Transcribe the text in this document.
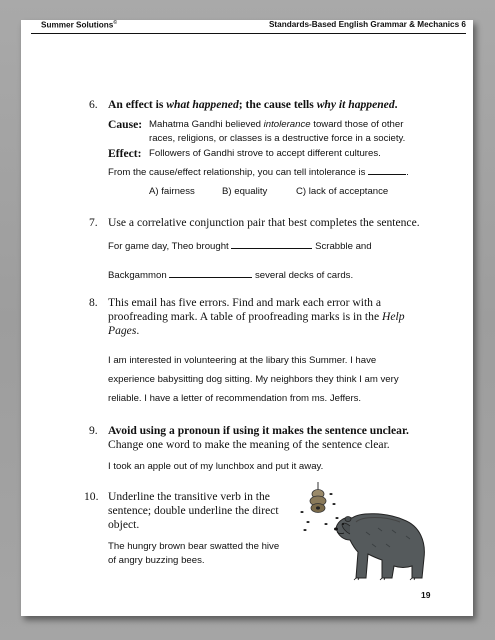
Summer Solutions©	Standards-Based English Grammar & Mechanics 6
6. An effect is what happened; the cause tells why it happened.
Cause: Mahatma Gandhi believed intolerance toward those of other
races, religions, or classes is a destructive force in a society.
Effect: Followers of Gandhi strove to accept different cultures.
From the cause/effect relationship, you can tell intolerance is	.
A) fairness	B) equality	C) lack of acceptance
7. Use a correlative conjunction pair that best completes the sentence.
For game day, Theo brought	Scrabble and
Backgammon	several decks of cards.
8. This email has five errors. Find and mark each error with a
proofreading mark. A table of proofreading marks is in the Help
Pages.
I am interested in volunteering at the libary this Summer. I have
experience babysitting dog sitting. My neighbors they think I am very
reliable. I have a letter of recommendation from ms. Jeffers.
9. Avoid using a pronoun if using it makes the sentence unclear.
Change one word to make the meaning of the sentence clear.
I took an apple out of my lunchbox and put it away.
10. Underline the transitive verb in the
sentence; double underline the direct
object.
The hungry brown bear swatted the hive
of angry buzzing bees.
19
